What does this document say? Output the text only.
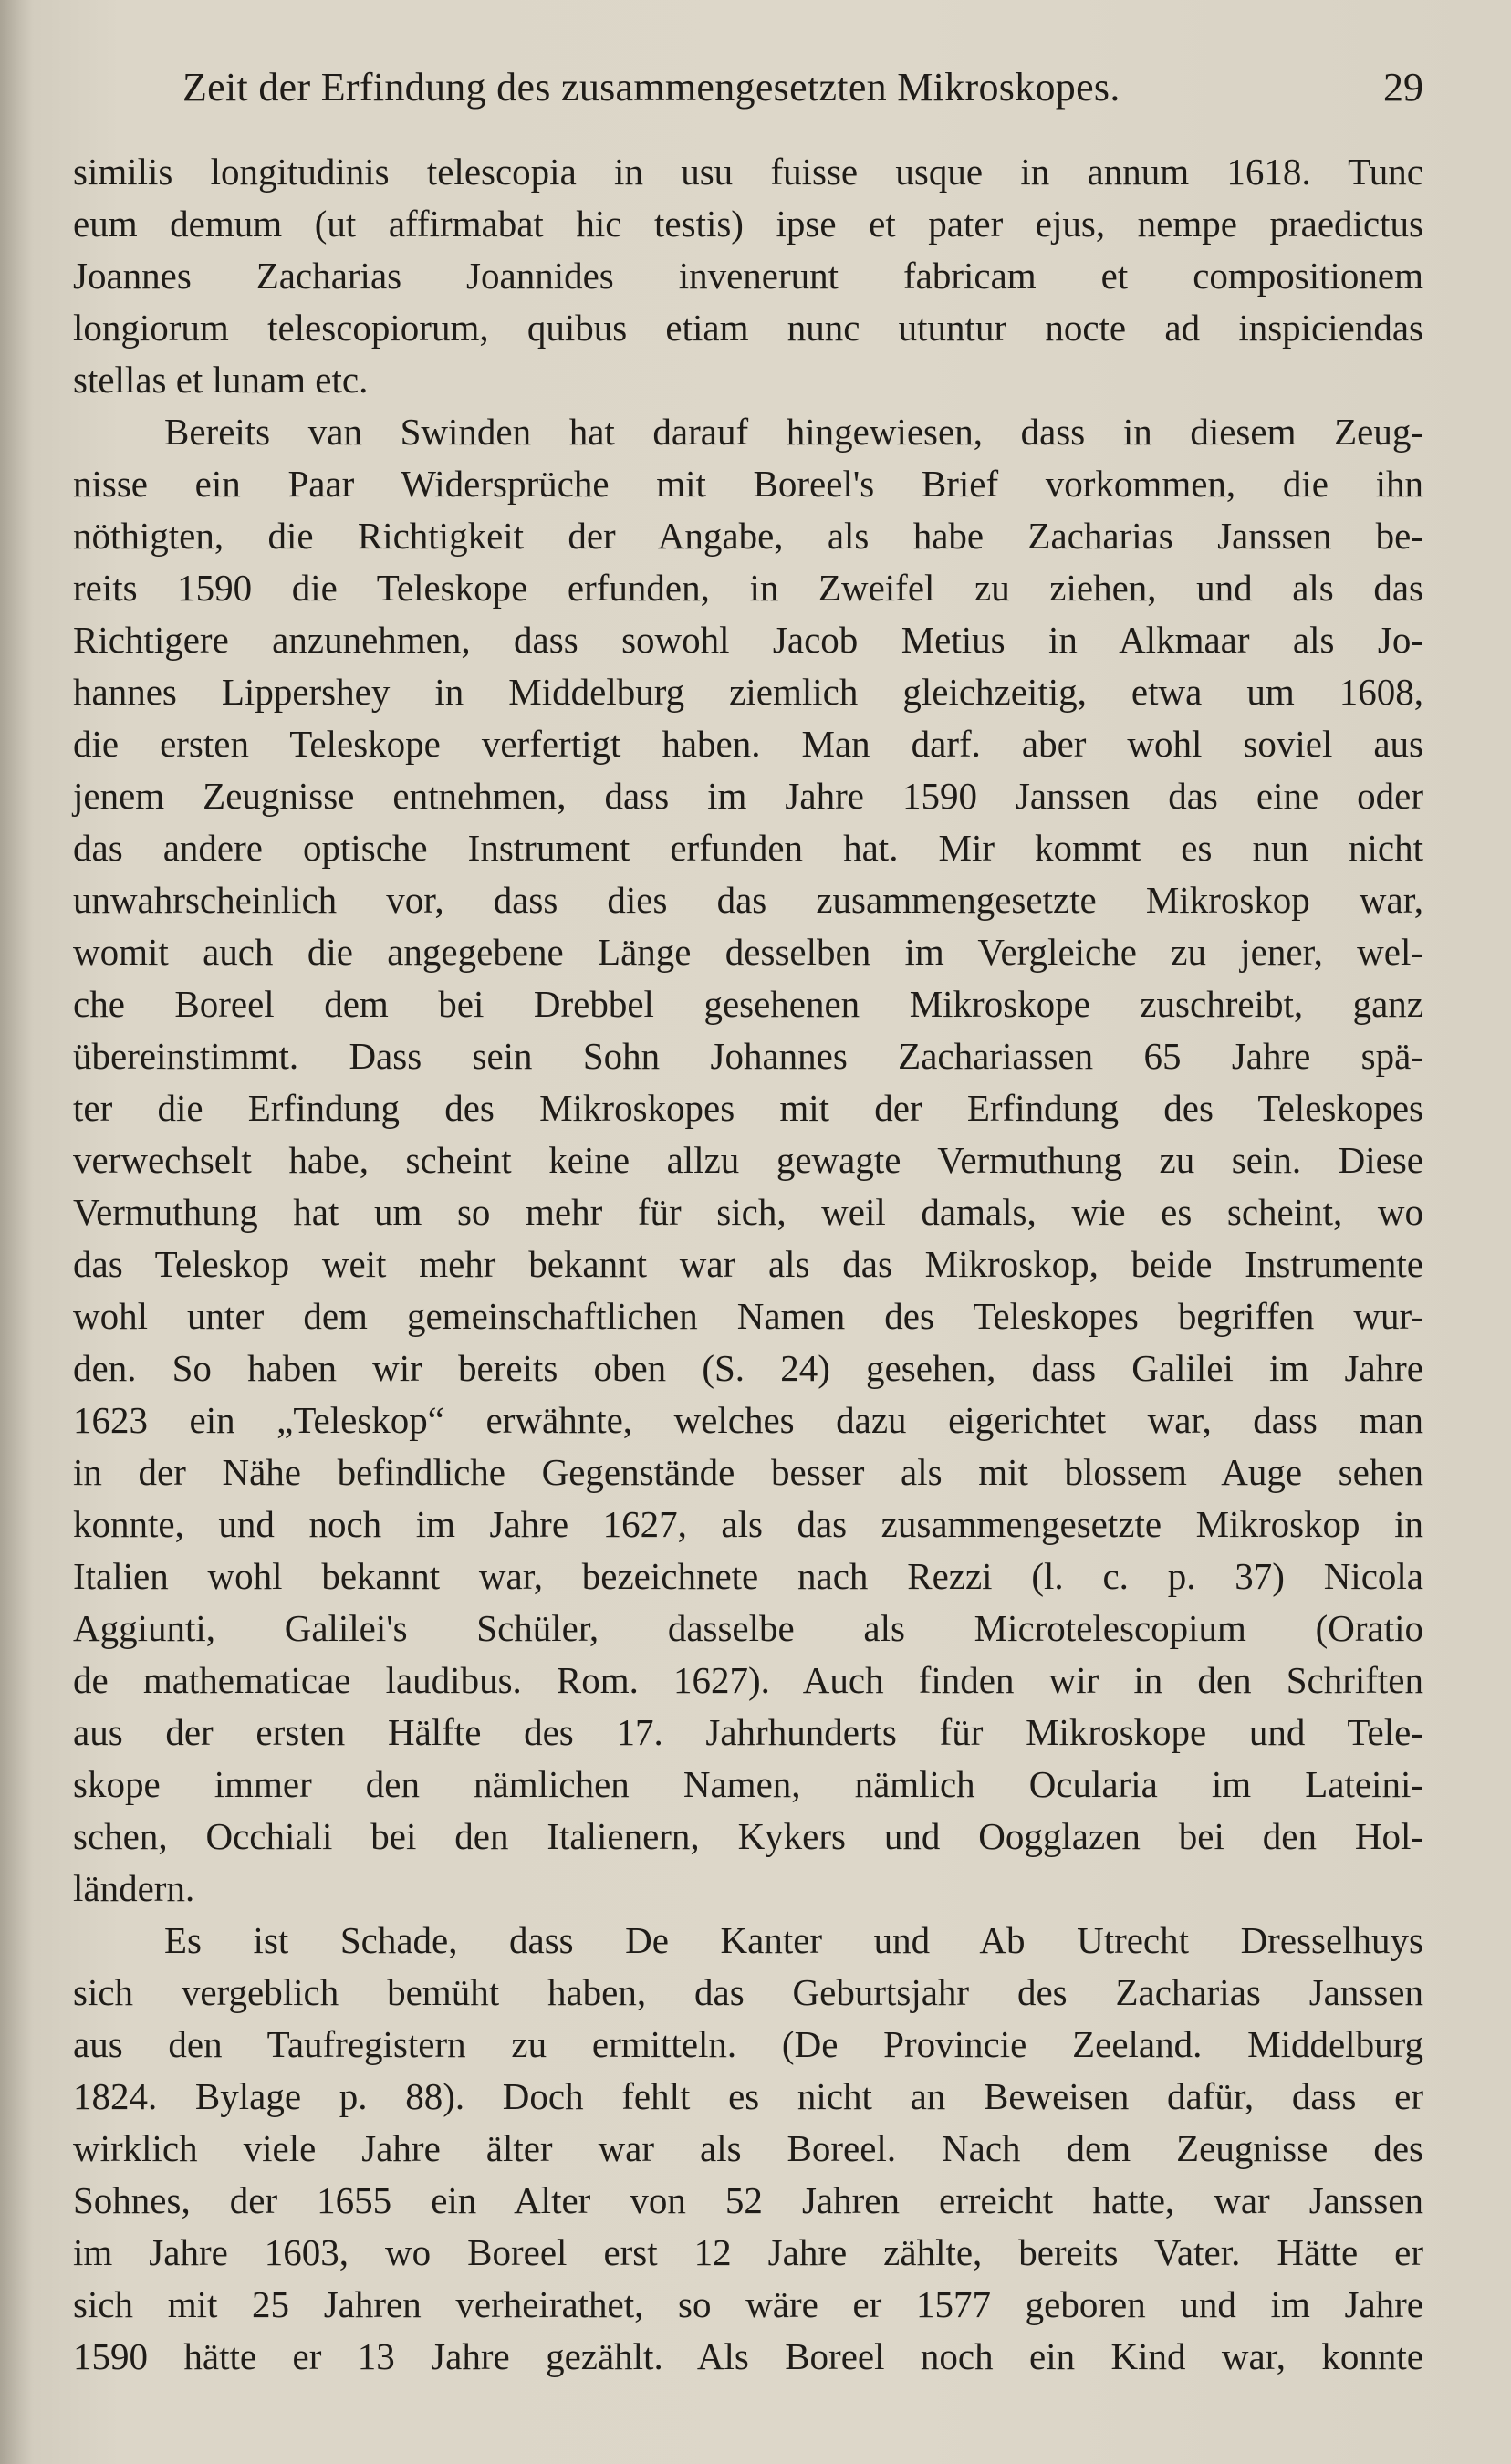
Zeit der Erfindung des zusammengesetzten Mikroskopes.	29
similis longitudinis telescopia in usu fuisse usque in annum 1618. Tunc
eum demum (ut affirmabat hic testis) ipse et pater ejus, nempe praedictus
Joannes Zacharias Joannides invenerunt fabricam et compositionem
longiorum telescopiorum, quibus etiam nunc utuntur nocte ad inspiciendas
stellas et lunam etc.
Bereits van Swinden hat darauf hingewiesen, dass in diesem Zeug-
nisse ein Paar Widersprüche mit Boreel's Brief vorkommen, die ihn
nöthigten, die Richtigkeit der Angabe, als habe Zacharias Janssen be-
reits 1590 die Teleskope erfunden, in Zweifel zu ziehen, und als das
Richtigere anzunehmen, dass sowohl Jacob Metius in Alkmaar als Jo-
hannes Lippershey in Middelburg ziemlich gleichzeitig, etwa um 1608,
die ersten Teleskope verfertigt haben. Man darf. aber wohl soviel aus
jenem Zeugnisse entnehmen, dass im Jahre 1590 Janssen das eine oder
das andere optische Instrument erfunden hat. Mir kommt es nun nicht
unwahrscheinlich vor, dass dies das zusammengesetzte Mikroskop war,
womit auch die angegebene Länge desselben im Vergleiche zu jener, wel-
che Boreel dem bei Drebbel gesehenen Mikroskope zuschreibt, ganz
übereinstimmt. Dass sein Sohn Johannes Zachariassen 65 Jahre spä-
ter die Erfindung des Mikroskopes mit der Erfindung des Teleskopes
verwechselt habe, scheint keine allzu gewagte Vermuthung zu sein. Diese
Vermuthung hat um so mehr für sich, weil damals, wie es scheint, wo
das Teleskop weit mehr bekannt war als das Mikroskop, beide Instrumente
wohl unter dem gemeinschaftlichen Namen des Teleskopes begriffen wur-
den. So haben wir bereits oben (S. 24) gesehen, dass Galilei im Jahre
1623 ein „Teleskop“ erwähnte, welches dazu eigerichtet war, dass man
in der Nähe befindliche Gegenstände besser als mit blossem Auge sehen
konnte, und noch im Jahre 1627, als das zusammengesetzte Mikroskop in
Italien wohl bekannt war, bezeichnete nach Rezzi (l. c. p. 37) Nicola
Aggiunti, Galilei's Schüler, dasselbe als Microtelescopium (Oratio
de mathematicae laudibus. Rom. 1627). Auch finden wir in den Schriften
aus der ersten Hälfte des 17. Jahrhunderts für Mikroskope und Tele-
skope immer den nämlichen Namen, nämlich Ocularia im Lateini-
schen, Occhiali bei den Italienern, Kykers und Oogglazen bei den Hol-
ländern.
Es ist Schade, dass De Kanter und Ab Utrecht Dresselhuys
sich vergeblich bemüht haben, das Geburtsjahr des Zacharias Janssen
aus den Taufregistern zu ermitteln. (De Provincie Zeeland. Middelburg
1824. Bylage p. 88). Doch fehlt es nicht an Beweisen dafür, dass er
wirklich viele Jahre älter war als Boreel. Nach dem Zeugnisse des
Sohnes, der 1655 ein Alter von 52 Jahren erreicht hatte, war Janssen
im Jahre 1603, wo Boreel erst 12 Jahre zählte, bereits Vater. Hätte er
sich mit 25 Jahren verheirathet, so wäre er 1577 geboren und im Jahre
1590 hätte er 13 Jahre gezählt. Als Boreel noch ein Kind war, konnte
